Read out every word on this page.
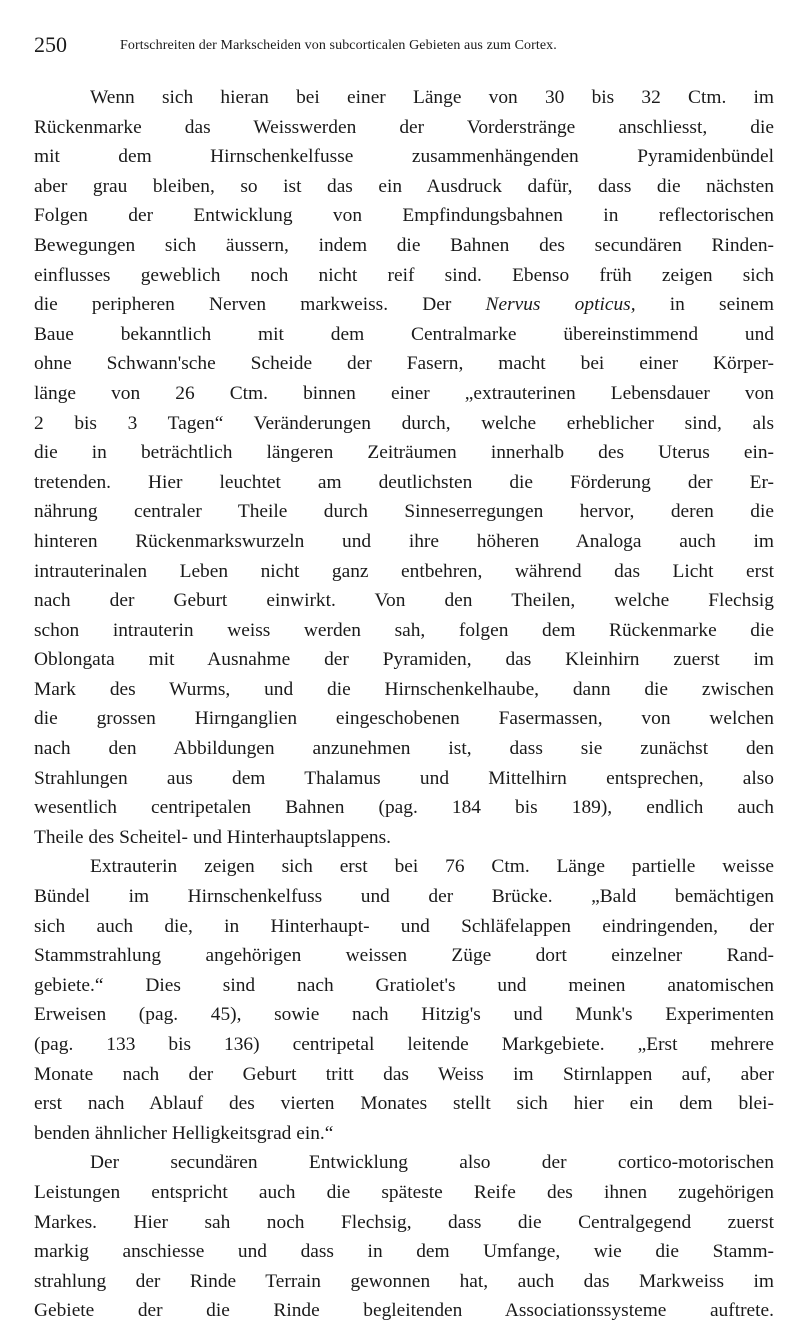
250	Fortschreiten der Markscheiden von subcorticalen Gebieten aus zum Cortex.
Wenn sich hieran bei einer Länge von 30 bis 32 Ctm. im
Rückenmarke das Weisswerden der Vorderstränge anschliesst, die
mit dem Hirnschenkelfusse zusammenhängenden Pyramidenbündel
aber grau bleiben, so ist das ein Ausdruck dafür, dass die nächsten
Folgen der Entwicklung von Empfindungsbahnen in reflectorischen
Bewegungen sich äussern, indem die Bahnen des secundären Rinden-
einflusses geweblich noch nicht reif sind. Ebenso früh zeigen sich
die peripheren Nerven markweiss. Der Nervus opticus, in seinem
Baue bekanntlich mit dem Centralmarke übereinstimmend und
ohne Schwann'sche Scheide der Fasern, macht bei einer Körper-
länge von 26 Ctm. binnen einer „extrauterinen Lebensdauer von
2 bis 3 Tagen“ Veränderungen durch, welche erheblicher sind, als
die in beträchtlich längeren Zeiträumen innerhalb des Uterus ein-
tretenden. Hier leuchtet am deutlichsten die Förderung der Er-
nährung centraler Theile durch Sinneserregungen hervor, deren die
hinteren Rückenmarkswurzeln und ihre höheren Analoga auch im
intrauterinalen Leben nicht ganz entbehren, während das Licht erst
nach der Geburt einwirkt. Von den Theilen, welche Flechsig
schon intrauterin weiss werden sah, folgen dem Rückenmarke die
Oblongata mit Ausnahme der Pyramiden, das Kleinhirn zuerst im
Mark des Wurms, und die Hirnschenkelhaube, dann die zwischen
die grossen Hirnganglien eingeschobenen Fasermassen, von welchen
nach den Abbildungen anzunehmen ist, dass sie zunächst den
Strahlungen aus dem Thalamus und Mittelhirn entsprechen, also
wesentlich centripetalen Bahnen (pag. 184 bis 189), endlich auch
Theile des Scheitel- und Hinterhauptslappens.
Extrauterin zeigen sich erst bei 76 Ctm. Länge partielle weisse
Bündel im Hirnschenkelfuss und der Brücke. „Bald bemächtigen
sich auch die, in Hinterhaupt- und Schläfelappen eindringenden, der
Stammstrahlung angehörigen weissen Züge dort einzelner Rand-
gebiete.“ Dies sind nach Gratiolet's und meinen anatomischen
Erweisen (pag. 45), sowie nach Hitzig's und Munk's Experimenten
(pag. 133 bis 136) centripetal leitende Markgebiete. „Erst mehrere
Monate nach der Geburt tritt das Weiss im Stirnlappen auf, aber
erst nach Ablauf des vierten Monates stellt sich hier ein dem blei-
benden ähnlicher Helligkeitsgrad ein.“
Der secundären Entwicklung also der cortico-motorischen
Leistungen entspricht auch die späteste Reife des ihnen zugehörigen
Markes. Hier sah noch Flechsig, dass die Centralgegend zuerst
markig anschiesse und dass in dem Umfange, wie die Stamm-
strahlung der Rinde Terrain gewonnen hat, auch das Markweiss im
Gebiete der die Rinde begleitenden Associationssysteme auftrete.
